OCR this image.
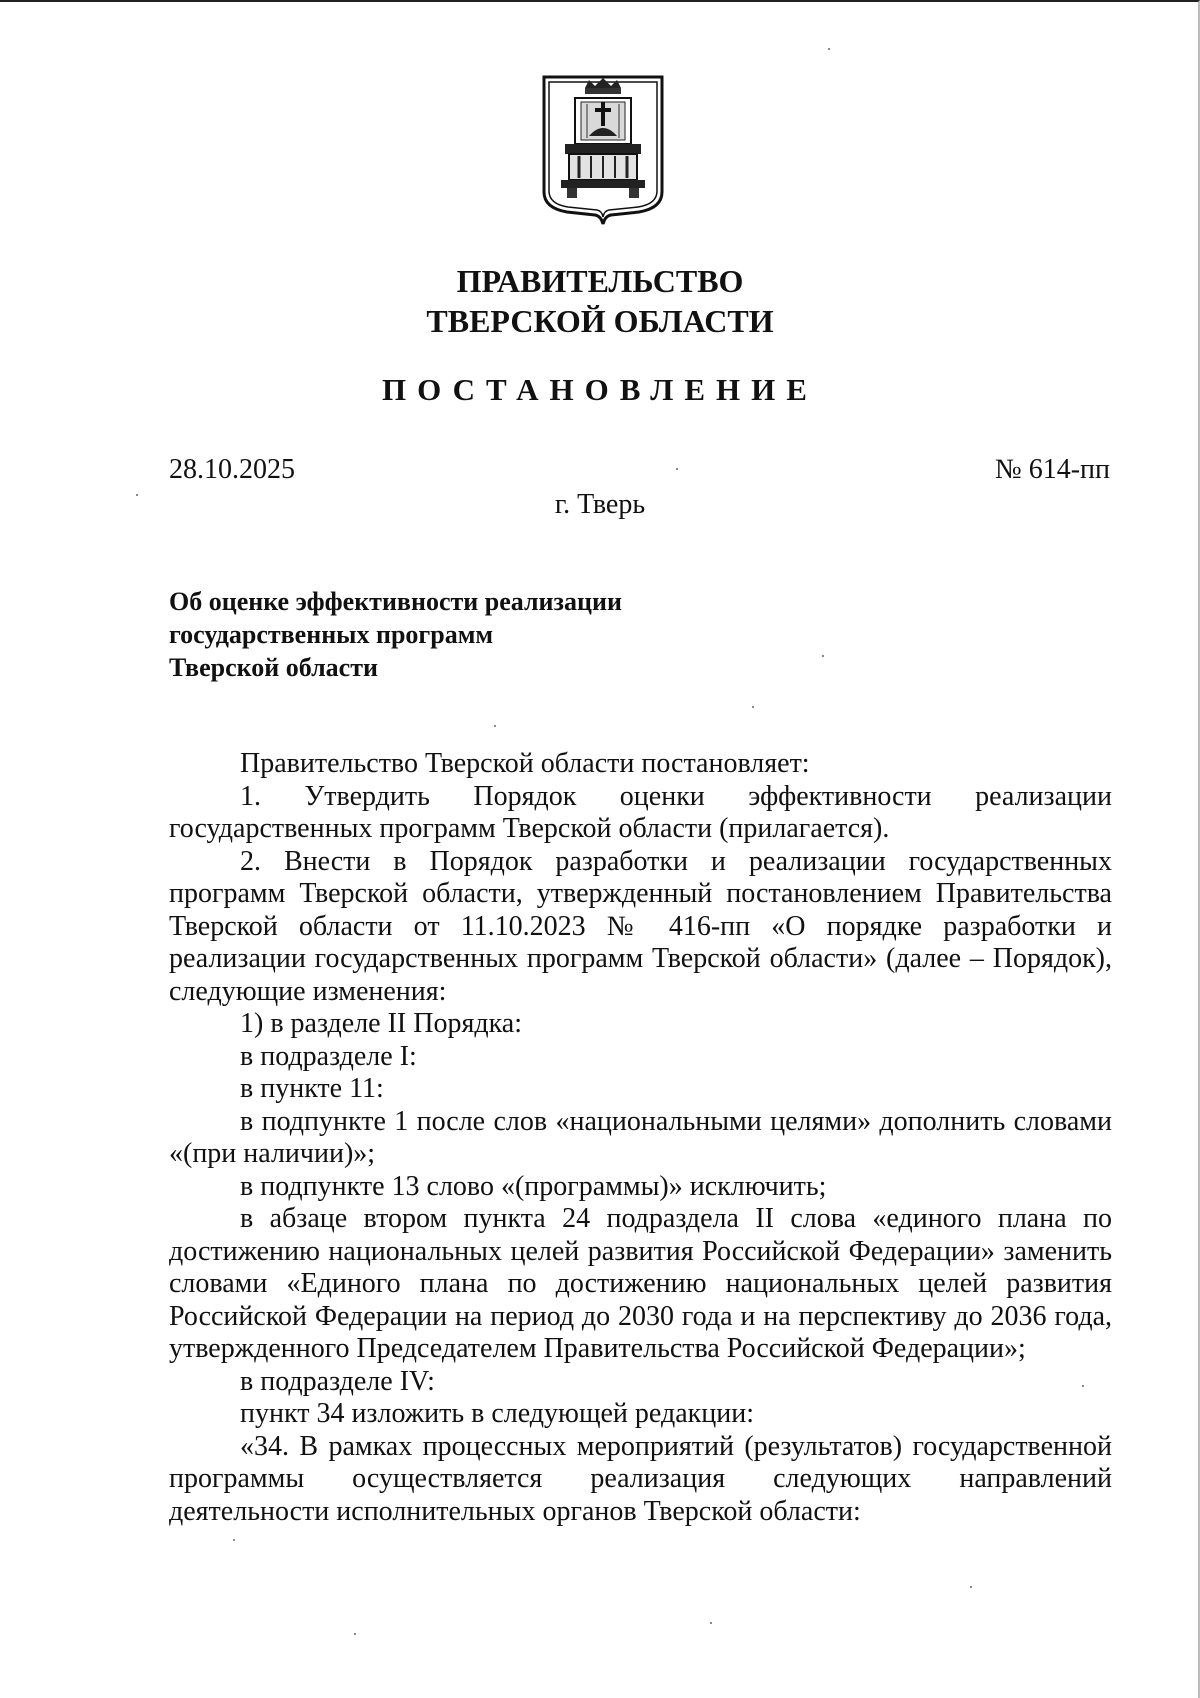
ПРАВИТЕЛЬСТВО
ТВЕРСКОЙ ОБЛАСТИ
ПОСТАНОВЛЕНИЕ
28.10.2025	№ 614-пп
г. Тверь
Об оценке эффективности реализации
государственных программ
Тверской области

Правительство Тверской области постановляет:

1. Утвердить Порядок оценки эффективности реализации государственных программ Тверской области (прилагается).

2. Внести в Порядок разработки и реализации государственных программ Тверской области, утвержденный постановлением Правительства Тверской области от 11.10.2023 № 416-пп «О порядке разработки и реализации государственных программ Тверской области» (далее – Порядок), следующие изменения:

1) в разделе II Порядка:

в подразделе I:

в пункте 11:

в подпункте 1 после слов «национальными целями» дополнить словами «(при наличии)»;

в подпункте 13 слово «(программы)» исключить;

в абзаце втором пункта 24 подраздела II слова «единого плана по достижению национальных целей развития Российской Федерации» заменить словами «Единого плана по достижению национальных целей развития Российской Федерации на период до 2030 года и на перспективу до 2036 года, утвержденного Председателем Правительства Российской Федерации»;

в подразделе IV:

пункт 34 изложить в следующей редакции:

«34. В рамках процессных мероприятий (результатов) государственной программы осуществляется реализация следующих направлений деятельности исполнительных органов Тверской области:
